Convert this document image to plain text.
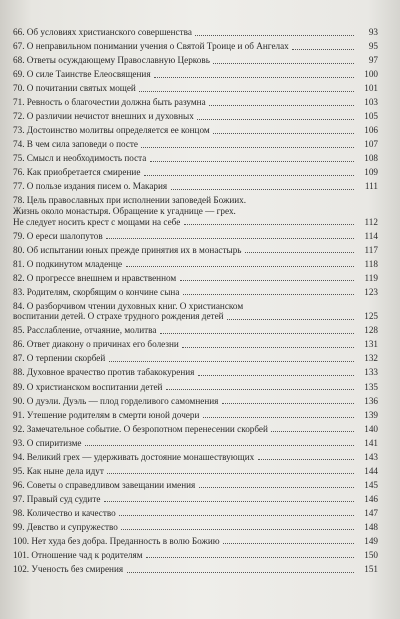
66. Об условиях христианского совершенства	93
67. О неправильном понимании учения о Святой Троице и об Ангелах	95
68. Ответы осуждающему Православную Церковь	97
69. О силе Таинстве Елеосвящения	100
70. О почитании святых мощей	101
71. Ревность о благочестии должна быть разумна	103
72. О различии нечистот внешних и духовных	105
73. Достоинство молитвы определяется ее концом	106
74. В чем сила заповеди о посте	107
75. Смысл и необходимость поста	108
76. Как приобретается смирение	109
77. О пользе издания писем о. Макария	111
78. Цель православных при исполнении заповедей Божиих.
Жизнь около монастыря. Обращение к угаднице — грех.
Не следует носить крест с мощами на себе	112
79. О ереси шалопутов	114
80. Об испытании юных прежде принятия их в монастырь	117
81. О подкинутом младенце	118
82. О прогрессе внешнем и нравственном	119
83. Родителям, скорбящим о кончине сына	123
84. О разборчивом чтении духовных книг. О христианском
воспитании детей. О страхе трудного рождения детей	125
85. Расслабление, отчаяние, молитва	128
86. Ответ диакону о причинах его болезни	131
87. О терпении скорбей	132
88. Духовное врачество против табакокурения	133
89. О христианском воспитании детей	135
90. О дуэли. Дуэль — плод горделивого самомнения	136
91. Утешение родителям в смерти юной дочери	139
92. Замечательное событие. О безропотном перенесении скорбей	140
93. О спиритизме	141
94. Великий грех — удерживать достояние монашествующих	143
95. Как ныне дела идут	144
96. Советы о справедливом завещании имения	145
97. Правый суд судите	146
98. Количество и качество	147
99. Девство и супружество	148
100. Нет худа без добра. Преданность в волю Божию	149
101. Отношение чад к родителям	150
102. Ученость без смирения	151
